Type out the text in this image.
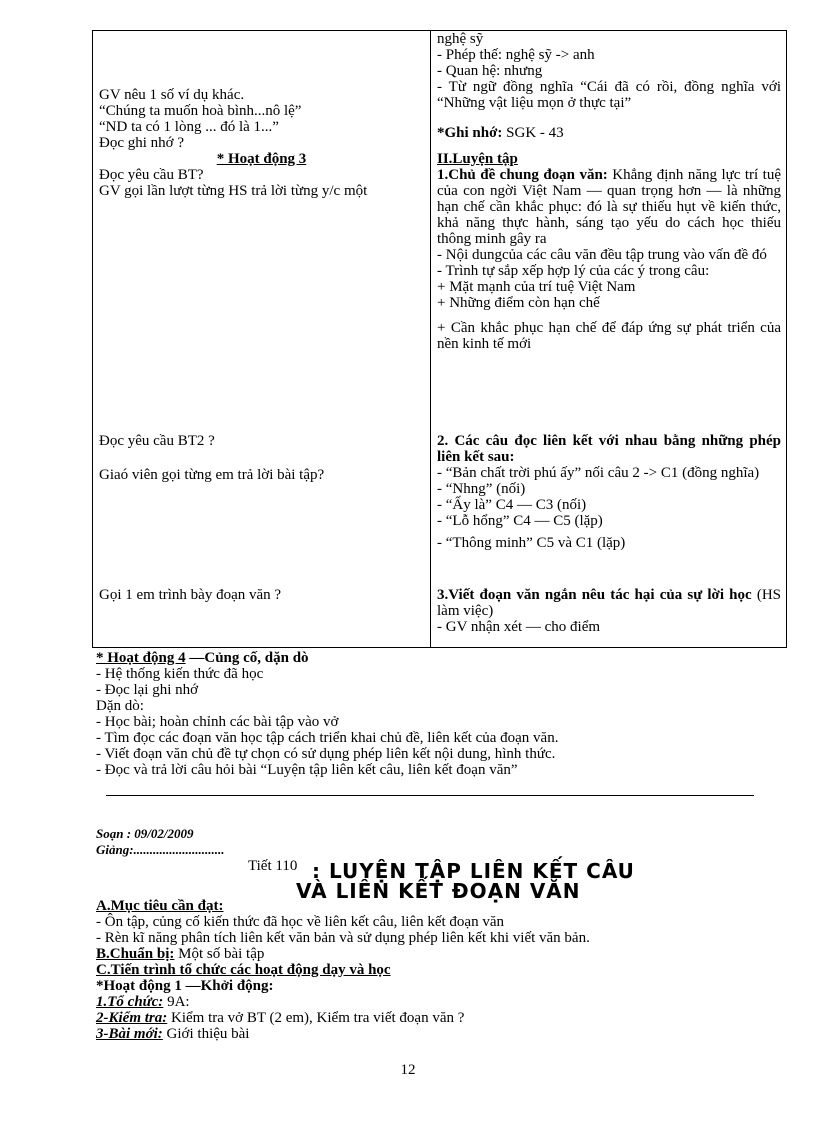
GV nêu 1 số ví dụ khác.

“Chúng ta muốn hoà bình...nô lệ”

“ND ta có 1 lòng ... đó là 1...”

Đọc ghi nhớ ?

nghệ sỹ

- Phép thế: nghệ sỹ -> anh

- Quan hệ: nhưng

- Từ ngữ đồng nghĩa “Cái đã có rồi, đồng nghĩa với “Những vật liệu mọn ở thực tại”

*Ghi nhớ: SGK - 43

* Hoạt động 3

Đọc yêu cầu BT?

GV gọi lần lượt từng HS trả lời từng y/c một

II.Luyện tập

1.Chủ đề chung đoạn văn: Khẳng định năng lực trí tuệ của con ngời Việt Nam — quan trọng hơn — là những hạn chế cần khắc phục: đó là sự thiếu hụt về kiến thức, khả năng thực hành, sáng tạo yếu do cách học thiếu thông minh gây ra

- Nội dungcủa các câu văn đều tập trung vào vấn đề đó

- Trình tự sắp xếp hợp lý của các ý trong câu:

+ Mặt mạnh của trí tuệ Việt Nam

+ Những điểm còn hạn chế

+ Cần khắc phục hạn chế để đáp ứng sự phát triển của nền kinh tế mới

Đọc yêu cầu BT2 ?

Giaó viên gọi từng em trả lời bài tập?

2. Các câu đọc liên kết với nhau bằng những phép liên kết sau:

- “Bản chất trời phú ấy” nối câu 2 -> C1 (đồng nghĩa)

- “Nhng” (nối)

- “Ấy là” C4 — C3 (nối)

- “Lỗ hổng” C4 — C5 (lặp)

- “Thông minh” C5 và C1 (lặp)

Gọi 1 em trình bày đoạn văn ?	3.Viết đoạn văn ngắn nêu tác hại của sự lời học (HS làm việc)

- GV nhận xét — cho điểm

* Hoạt động 4 —Củng cố, dặn dò

- Hệ thống kiến thức đã học

- Đọc lại ghi nhớ

Dặn dò:

- Học bài; hoàn chỉnh các bài tập vào vở

- Tìm đọc các đoạn văn học tập cách triển khai chủ đề, liên kết của đoạn văn.

- Viết đoạn văn chủ đề tự chọn có sử dụng phép liên kết nội dung, hình thức.

- Đọc và trả lời câu hỏi bài “Luyện tập liên kết câu, liên kết đoạn văn”

Soạn : 09/02/2009

Giảng:............................

Tiết 110 : LUYỆN TẬP LIÊN KẾT CÂU
VÀ LIÊN KẾT ĐOẠN VĂN

A.Mục tiêu cần đạt:

- Ôn tập, củng cố kiến thức đã học về liên kết câu, liên kết đoạn văn

- Rèn kĩ năng phân tích liên kết văn bản và sử dụng phép liên kết khi viết văn bản.

B.Chuẩn bị: Một số bài tập

C.Tiến trình tổ chức các hoạt động dạy và học

*Hoạt động 1 —Khởi động:

1.Tổ chức: 9A:

2-Kiểm tra: Kiểm tra vở BT (2 em), Kiểm tra viết đoạn văn ?

3-Bài mới: Giới thiệu bài

12
